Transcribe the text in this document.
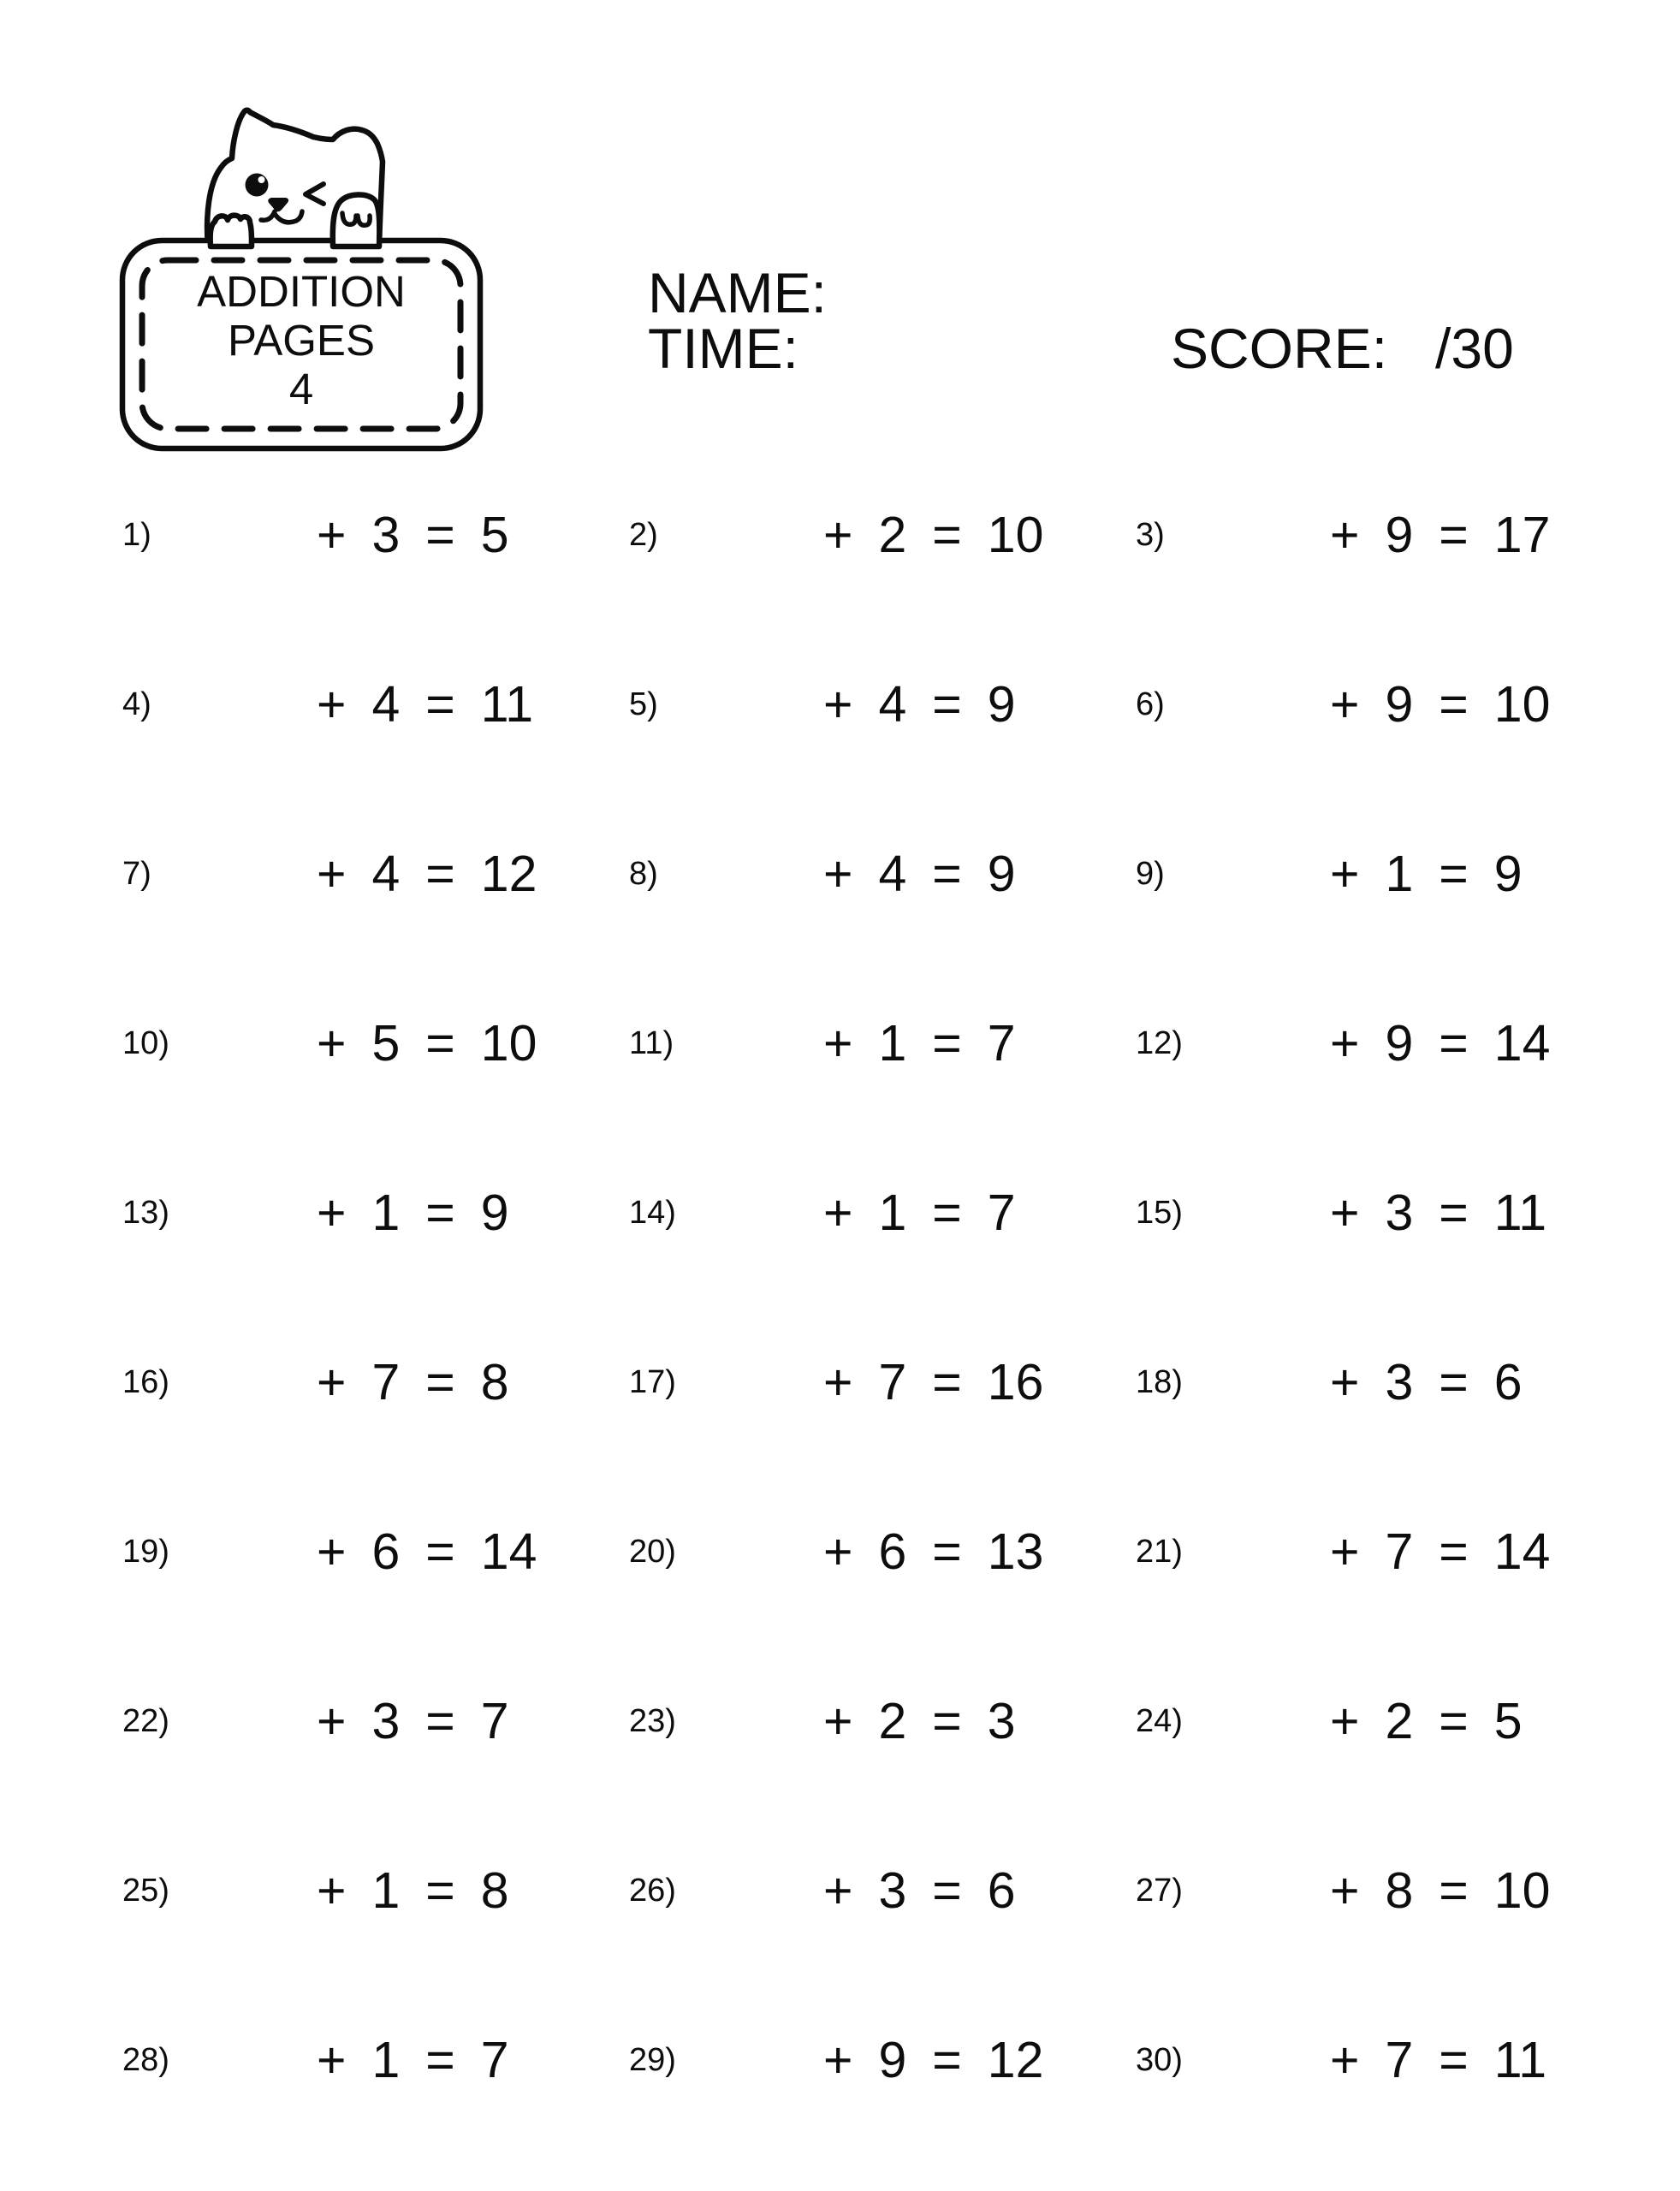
ADDITION
PAGES
4
NAME:
TIME:	SCORE: /30
1)	+ 3 = 5	2)	+ 2 = 10	3)	+ 9 = 17
4)	+ 4 = 11	5)	+ 4 = 9	6)	+ 9 = 10
7)	+ 4 = 12	8)	+ 4 = 9	9)	+ 1 = 9
10)	+ 5 = 10	11)	+ 1 = 7	12)	+ 9 = 14
13)	+ 1 = 9	14)	+ 1 = 7	15)	+ 3 = 11
16)	+ 7 = 8	17)	+ 7 = 16	18)	+ 3 = 6
19)	+ 6 = 14	20)	+ 6 = 13	21)	+ 7 = 14
22)	+ 3 = 7	23)	+ 2 = 3	24)	+ 2 = 5
25)	+ 1 = 8	26)	+ 3 = 6	27)	+ 8 = 10
28)	+ 1 = 7	29)	+ 9 = 12	30)	+ 7 = 11
